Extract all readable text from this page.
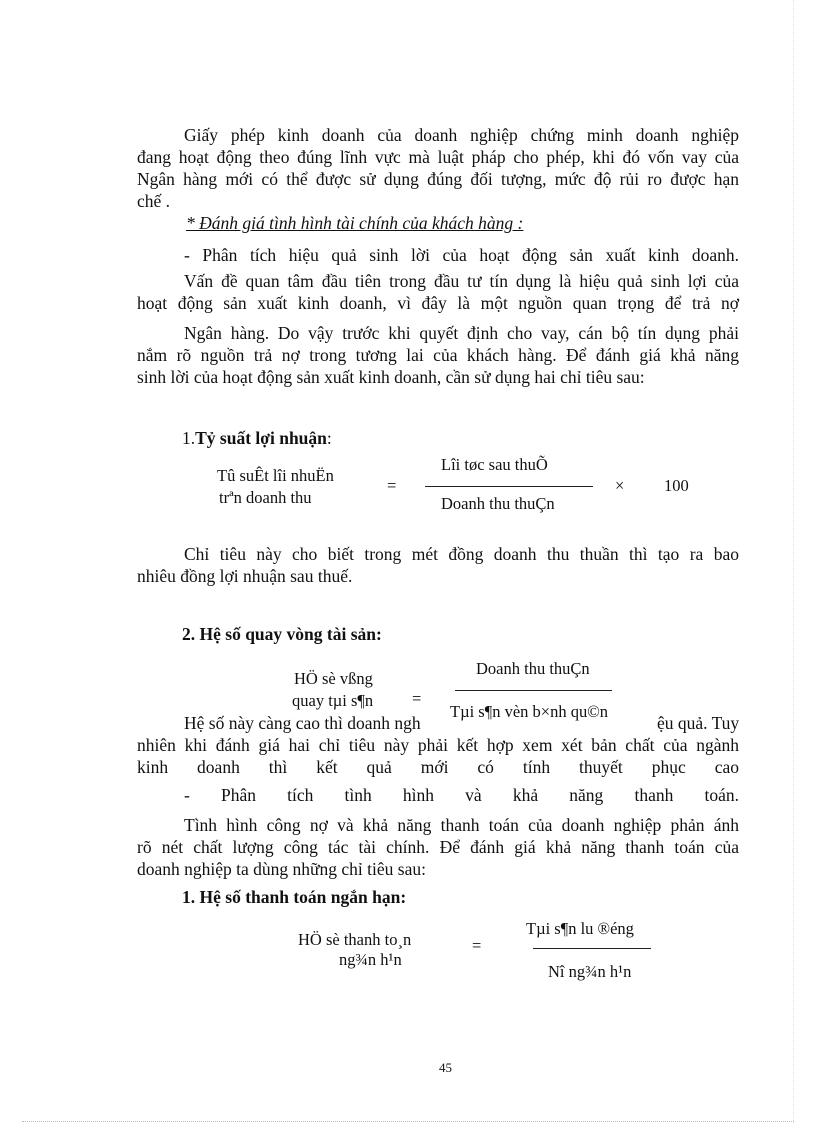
Giấy phép kinh doanh của doanh nghiệp chứng minh doanh nghiệp
đang hoạt động theo đúng lĩnh vực mà luật pháp cho phép, khi đó vốn vay của
Ngân hàng mới có thể được sử dụng đúng đối tượng, mức độ rủi ro được hạn
chế .
* Đánh giá tình hình tài chính của khách hàng :
- Phân tích hiệu quả sinh lời của hoạt động sản xuất kinh doanh.
Vấn đề quan tâm đầu tiên trong đầu tư tín dụng là hiệu quả sinh lợi của
hoạt động sản xuất kinh doanh, vì đây là một nguồn quan trọng để trả nợ
Ngân hàng. Do vậy trước khi quyết định cho vay, cán bộ tín dụng phải
nắm rõ nguồn trả nợ trong tương lai của khách hàng. Để đánh giá khả năng
sinh lời của hoạt động sản xuất kinh doanh, cần sử dụng hai chỉ tiêu sau:
1.Tỷ suất lợi nhuận:
Tû suÊt lîi nhuËn
trªn doanh thu
=
Lîi tøc sau thuÕ
Doanh thu thuÇn
× 100
Chỉ tiêu này cho biết trong mét đồng doanh thu thuần thì tạo ra bao
nhiêu đồng lợi nhuận sau thuế.
2. Hệ số quay vòng tài sản:
HÖ sè vßng
quay tµi s¶n =
Doanh thu thuÇn
Hệ số này càng cao thì doanh ngh	ệu quả. Tuy
Tµi s¶n vèn b×nh qu©n
nhiên khi đánh giá hai chỉ tiêu này phải kết hợp xem xét bản chất của ngành
kinh doanh thì kết quả mới có tính thuyết phục cao
- Phân tích tình hình và khả năng thanh toán.
Tình hình công nợ và khả năng thanh toán của doanh nghiệp phản ánh
rõ nét chất lượng công tác tài chính. Để đánh giá khả năng thanh toán của
doanh nghiệp ta dùng những chỉ tiêu sau:
1. Hệ số thanh toán ngắn hạn:
HÖ sè thanh to¸n
ng¾n h¹n
=
Tµi s¶n lu ®éng
Nî ng¾n h¹n
45
